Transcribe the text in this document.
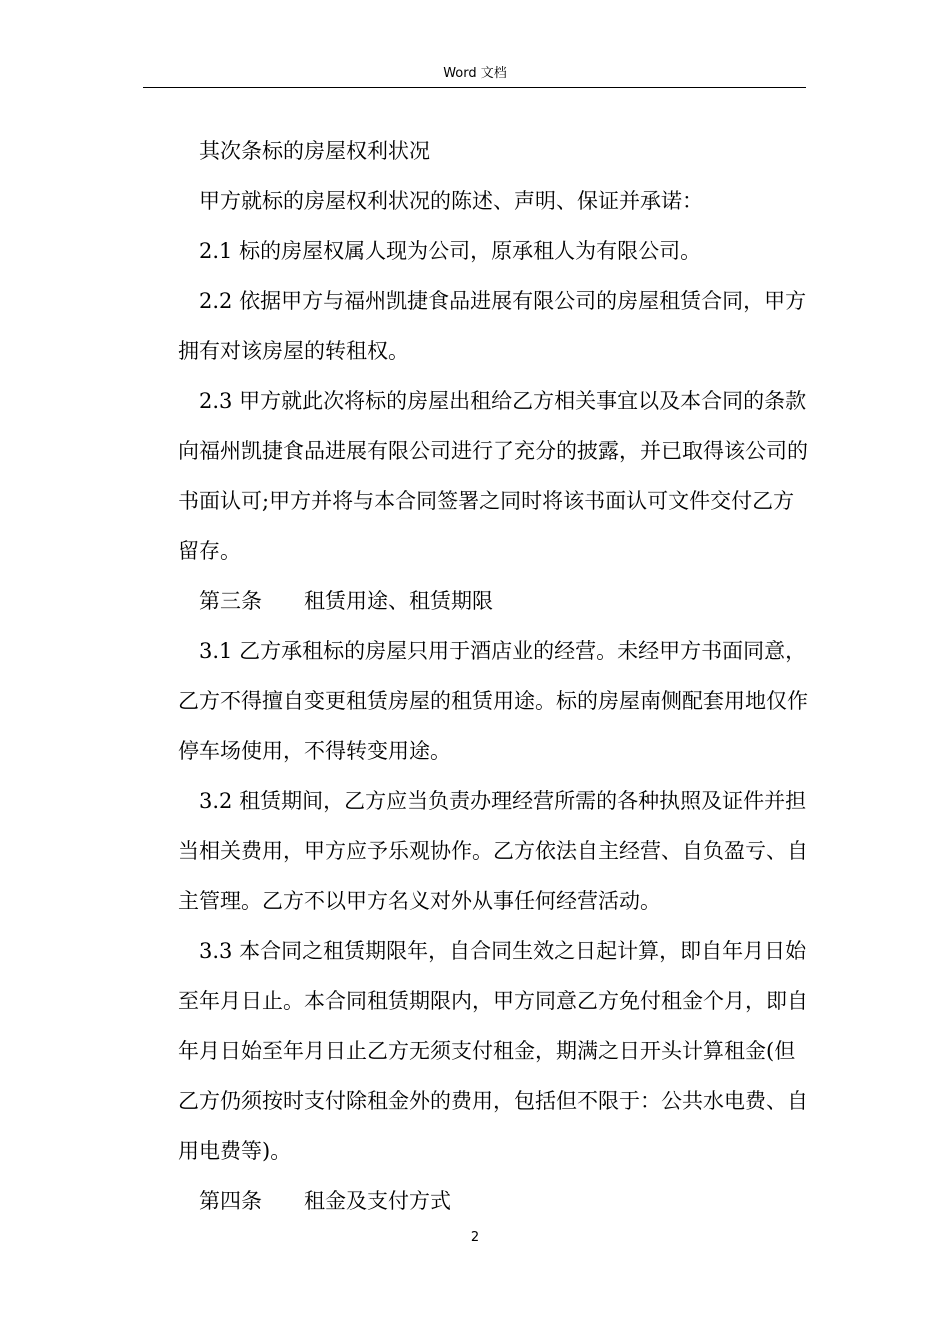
Word 文档

其次条标的房屋权利状况

甲方就标的房屋权利状况的陈述、声明、保证并承诺：

2.1 标的房屋权属人现为公司，原承租人为有限公司。

2.2 依据甲方与福州凯捷食品进展有限公司的房屋租赁合同，甲方拥有对该房屋的转租权。

2.3 甲方就此次将标的房屋出租给乙方相关事宜以及本合同的条款向福州凯捷食品进展有限公司进行了充分的披露，并已取得该公司的书面认可;甲方并将与本合同签署之同时将该书面认可文件交付乙方留存。

第三条　　租赁用途、租赁期限

3.1 乙方承租标的房屋只用于酒店业的经营。未经甲方书面同意，乙方不得擅自变更租赁房屋的租赁用途。标的房屋南侧配套用地仅作停车场使用，不得转变用途。

3.2 租赁期间，乙方应当负责办理经营所需的各种执照及证件并担当相关费用，甲方应予乐观协作。乙方依法自主经营、自负盈亏、自主管理。乙方不以甲方名义对外从事任何经营活动。

3.3 本合同之租赁期限年，自合同生效之日起计算，即自年月日始至年月日止。本合同租赁期限内，甲方同意乙方免付租金个月，即自年月日始至年月日止乙方无须支付租金，期满之日开头计算租金(但乙方仍须按时支付除租金外的费用，包括但不限于：公共水电费、自用电费等)。

第四条　　租金及支付方式

2
